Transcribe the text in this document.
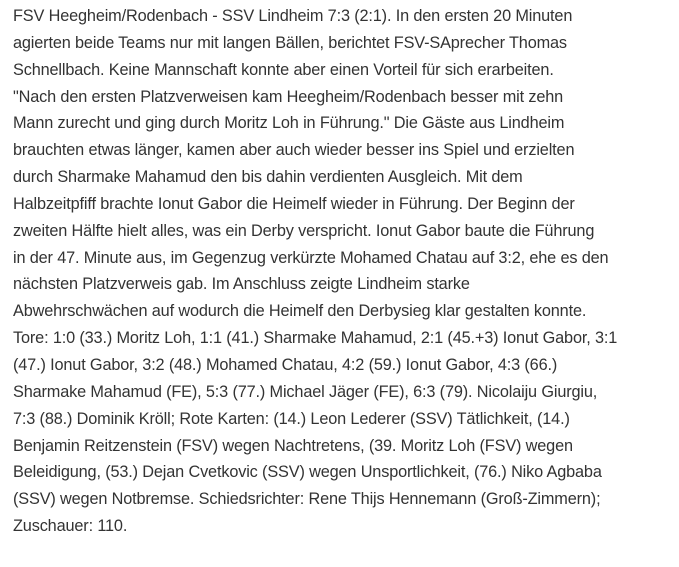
FSV Heegheim/Rodenbach - SSV Lindheim 7:3 (2:1). In den ersten 20 Minuten
agierten beide Teams nur mit langen Bällen, berichtet FSV-SAprecher Thomas
Schnellbach. Keine Mannschaft konnte aber einen Vorteil für sich erarbeiten.
"Nach den ersten Platzverweisen kam Heegheim/Rodenbach besser mit zehn
Mann zurecht und ging durch Moritz Loh in Führung." Die Gäste aus Lindheim
brauchten etwas länger, kamen aber auch wieder besser ins Spiel und erzielten
durch Sharmake Mahamud den bis dahin verdienten Ausgleich. Mit dem
Halbzeitpfiff brachte Ionut Gabor die Heimelf wieder in Führung. Der Beginn der
zweiten Hälfte hielt alles, was ein Derby verspricht. Ionut Gabor baute die Führung
in der 47. Minute aus, im Gegenzug verkürzte Mohamed Chatau auf 3:2, ehe es den
nächsten Platzverweis gab. Im Anschluss zeigte Lindheim starke
Abwehrschwächen auf wodurch die Heimelf den Derbysieg klar gestalten konnte.
Tore: 1:0 (33.) Moritz Loh, 1:1 (41.) Sharmake Mahamud, 2:1 (45.+3) Ionut Gabor, 3:1
(47.) Ionut Gabor, 3:2 (48.) Mohamed Chatau, 4:2 (59.) Ionut Gabor, 4:3 (66.)
Sharmake Mahamud (FE), 5:3 (77.) Michael Jäger (FE), 6:3 (79). Nicolaiju Giurgiu,
7:3 (88.) Dominik Kröll; Rote Karten: (14.) Leon Lederer (SSV) Tätlichkeit, (14.)
Benjamin Reitzenstein (FSV) wegen Nachtretens, (39. Moritz Loh (FSV) wegen
Beleidigung, (53.) Dejan Cvetkovic (SSV) wegen Unsportlichkeit, (76.) Niko Agbaba
(SSV) wegen Notbremse. Schiedsrichter: Rene Thijs Hennemann (Groß-Zimmern);
Zuschauer: 110.
